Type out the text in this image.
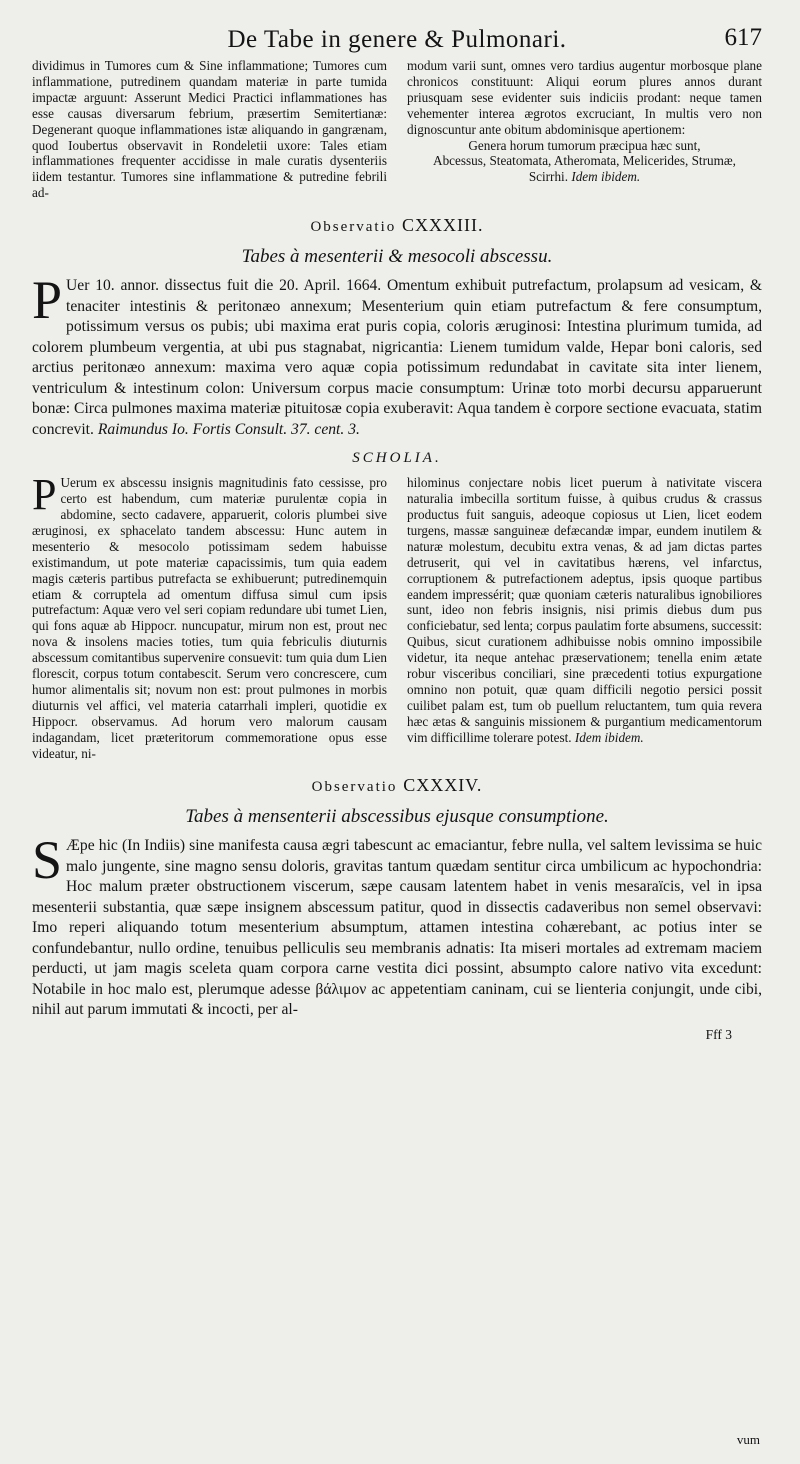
De Tabe in genere & Pulmonari.	617

dividimus in Tumores cum & Sine inflammatione; Tumores cum inflammatione, putredinem quandam materiæ in parte tumida impactæ arguunt: Asserunt Medici Practici inflammationes has esse causas diversarum febrium, præsertim Semitertianæ: Degenerant quoque inflammationes istæ aliquando in gangrænam, quod Ioubertus observavit in Rondeletii uxore: Tales etiam inflammationes frequenter accidisse in male curatis dysenteriis iidem testantur. Tumores sine inflammatione & putredine febrili ad-

modum varii sunt, omnes vero tardius augentur morbosque plane chronicos constituunt: Aliqui eorum plures annos durant priusquam sese evidenter suis indiciis prodant: neque tamen vehementer interea ægrotos excruciant, In multis vero non dignoscuntur ante obitum abdominisque apertionem:

Genera horum tumorum præcipua hæc sunt,
Abcessus, Steatomata, Atheromata, Melicerides, Strumæ,
Scirrhi. Idem ibidem.
Observatio CXXXIII.
Tabes à mesenterii & mesocoli abscessu.
P Uer 10. annor. dissectus fuit die 20. April. 1664. Omentum exhibuit putrefactum, prolapsum ad vesicam, & tenaciter intestinis & peritonæo annexum; Mesenterium quin etiam putrefactum & fere consumptum, potissimum versus os pubis; ubi maxima erat puris copia, coloris æruginosi: Intestina plurimum tumida, ad colorem plumbeum vergentia, at ubi pus stagnabat, nigricantia: Lienem tumidum valde, Hepar boni caloris, sed arctius peritonæo annexum: maxima vero aquæ copia potissimum redundabat in cavitate sita inter lienem, ventriculum & intestinum colon: Universum corpus macie consumptum: Urinæ toto morbi decursu apparuerunt bonæ: Circa pulmones maxima materiæ pituitosæ copia exuberavit: Aqua tandem è corpore sectione evacuata, statim concrevit. Raimundus Io. Fortis Consult. 37. cent. 3.
SCHOLIA.
P Uerum ex abscessu insignis magnitudinis fato cessisse, pro certo est habendum, cum materiæ purulentæ copia in abdomine, secto cadavere, apparuerit, coloris plumbei sive æruginosi, ex sphacelato tandem abscessu: Hunc autem in mesenterio & mesocolo potissimam sedem habuisse existimandum, ut pote materiæ capacissimis, tum quia eadem magis cæteris partibus putrefacta se exhibuerunt; putredinemquin etiam & corruptela ad omentum diffusa simul cum ipsis putrefactum: Aquæ vero vel seri copiam redundare ubi tumet Lien, qui fons aquæ ab Hippocr. nuncupatur, mirum non est, prout nec nova & insolens macies toties, tum quia febriculis diuturnis abscessum comitantibus supervenire consuevit: tum quia dum Lien florescit, corpus totum contabescit. Serum vero concrescere, cum humor alimentalis sit; novum non est: prout pulmones in morbis diuturnis vel affici, vel materia catarrhali impleri, quotidie ex Hippocr. observamus. Ad horum vero malorum causam indagandam, licet præteritorum commemoratione opus esse videatur, ni-
hilominus conjectare nobis licet puerum à nativitate viscera naturalia imbecilla sortitum fuisse, à quibus crudus & crassus productus fuit sanguis, adeoque copiosus ut Lien, licet eodem turgens, massæ sanguineæ defæcandæ impar, eundem inutilem & naturæ molestum, decubitu extra venas, & ad jam dictas partes detruserit, qui vel in cavitatibus hærens, vel infarctus, corruptionem & putrefactionem adeptus, ipsis quoque partibus eandem impressérit; quæ quoniam cæteris naturalibus ignobiliores sunt, ideo non febris insignis, nisi primis diebus dum pus conficiebatur, sed lenta; corpus paulatim forte absumens, successit: Quibus, sicut curationem adhibuisse nobis omnino impossibile videtur, ita neque antehac præservationem; tenella enim ætate robur visceribus conciliari, sine præcedenti totius expurgatione omnino non potuit, quæ quam difficili negotio persici possit cuilibet palam est, tum ob puellum reluctantem, tum quia revera hæc ætas & sanguinis missionem & purgantium medicamentorum vim difficillime tolerare potest. Idem ibidem.
Observatio CXXXIV.
Tabes à mensenterii abscessibus ejusque consumptione.
S Æpe hic (In Indiis) sine manifesta causa ægri tabescunt ac emaciantur, febre nulla, vel saltem levissima se huic malo jungente, sine magno sensu doloris, gravitas tantum quædam sentitur circa umbilicum ac hypochondria: Hoc malum præter obstructionem viscerum, sæpe causam latentem habet in venis mesaraïcis, vel in ipsa mesenterii substantia, quæ sæpe insignem abscessum patitur, quod in dissectis cadaveribus non semel observavi: Imo reperi aliquando totum mesenterium absumptum, attamen intestina cohærebant, ac potius inter se confundebantur, nullo ordine, tenuibus pelliculis seu membranis adnatis: Ita miseri mortales ad extremam maciem perducti, ut jam magis sceleta quam corpora carne vestita dici possint, absumpto calore nativo vita excedunt: Notabile in hoc malo est, plerumque adesse βάλιμον ac appetentiam caninam, cui se lienteria conjungit, unde cibi, nihil aut parum immutati & incocti, per al-
Fff 3
vum
